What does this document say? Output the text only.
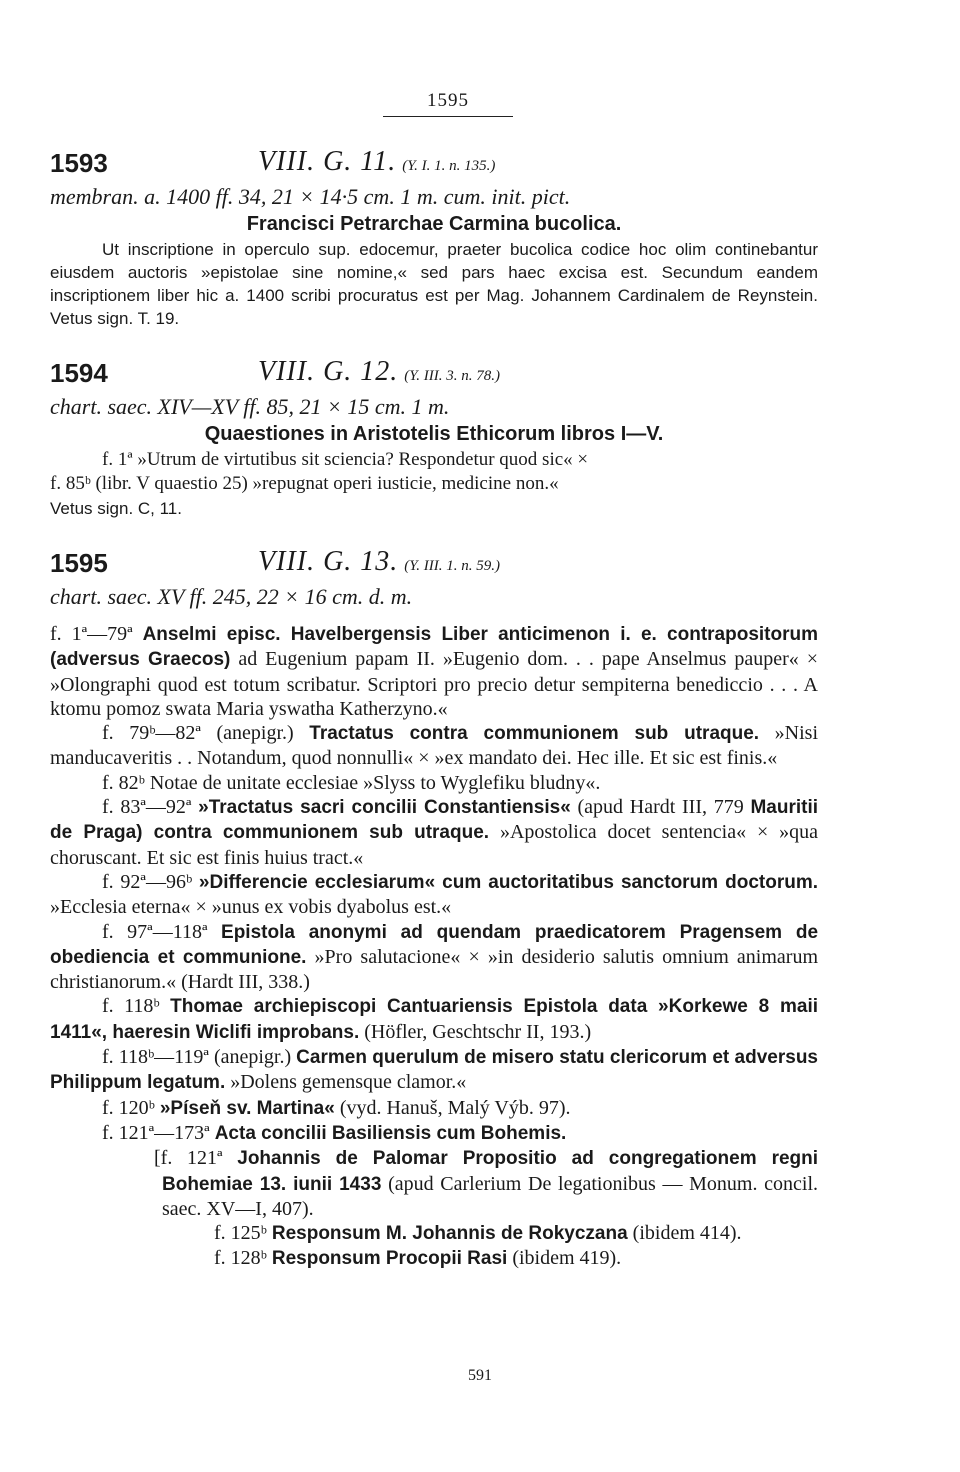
1595
1593	VIII. G. 11. (Y. I. 1. n. 135.)
membran. a. 1400 ff. 34, 21 × 14·5 cm. 1 m. cum. init. pict.
Francisci Petrarchae Carmina bucolica.

Ut inscriptione in operculo sup. edocemur, praeter bucolica codice hoc olim continebantur eiusdem auctoris »epistolae sine nomine,« sed pars haec excisa est. Secundum eandem inscriptionem liber hic a. 1400 scribi procuratus est per Mag. Johannem Cardinalem de Reynstein. Vetus sign. T. 19.

1594	VIII. G. 12. (Y. III. 3. n. 78.)
chart. saec. XIV—XV ff. 85, 21 × 15 cm. 1 m.
Quaestiones in Aristotelis Ethicorum libros I—V.

f. 1ª »Utrum de virtutibus sit sciencia? Respondetur quod sic« ×

f. 85ᵇ (libr. V quaestio 25) »repugnat operi iusticie, medicine non.«

Vetus sign. C, 11.

1595	VIII. G. 13. (Y. III. 1. n. 59.)
chart. saec. XV ff. 245, 22 × 16 cm. d. m.

f. 1ª—79ª Anselmi episc. Havelbergensis Liber anticimenon i. e. contrapositorum (adversus Graecos) ad Eugenium papam II. »Eugenio dom. . . pape Anselmus pauper« × »Olongraphi quod est totum scribatur. Scriptori pro precio detur sempiterna benediccio . . . A ktomu pomoz swata Maria yswatha Katherzyno.«

f. 79ᵇ—82ª (anepigr.) Tractatus contra communionem sub utraque. »Nisi manducaveritis . . Notandum, quod nonnulli« × »ex mandato dei. Hec ille. Et sic est finis.«

f. 82ᵇ Notae de unitate ecclesiae »Slyss to Wyglefiku bludny«.

f. 83ª—92ª »Tractatus sacri concilii Constantiensis« (apud Hardt III, 779 Mauritii de Praga) contra communionem sub utraque. »Apostolica docet sentencia« × »qua choruscant. Et sic est finis huius tract.«

f. 92ª—96ᵇ »Differencie ecclesiarum« cum auctoritatibus sanctorum doctorum. »Ecclesia eterna« × »unus ex vobis dyabolus est.«

f. 97ª—118ª Epistola anonymi ad quendam praedicatorem Pragensem de obediencia et communione. »Pro salutacione« × »in desiderio salutis omnium animarum christianorum.« (Hardt III, 338.)

f. 118ᵇ Thomae archiepiscopi Cantuariensis Epistola data »Korkewe 8 maii 1411«, haeresin Wiclifi improbans. (Höfler, Geschtschr II, 193.)

f. 118ᵇ—119ª (anepigr.) Carmen querulum de misero statu clericorum et adversus Philippum legatum. »Dolens gemensque clamor.«

f. 120ᵇ »Píseň sv. Martina« (vyd. Hanuš, Malý Výb. 97).

f. 121ª—173ª Acta concilii Basiliensis cum Bohemis.

[f. 121ª Johannis de Palomar Propositio ad congregationem regni Bohemiae 13. iunii 1433 (apud Carlerium De legationibus — Monum. concil. saec. XV—I, 407).

f. 125ᵇ Responsum M. Johannis de Rokyczana (ibidem 414).

f. 128ᵇ Responsum Procopii Rasi (ibidem 419).

591
